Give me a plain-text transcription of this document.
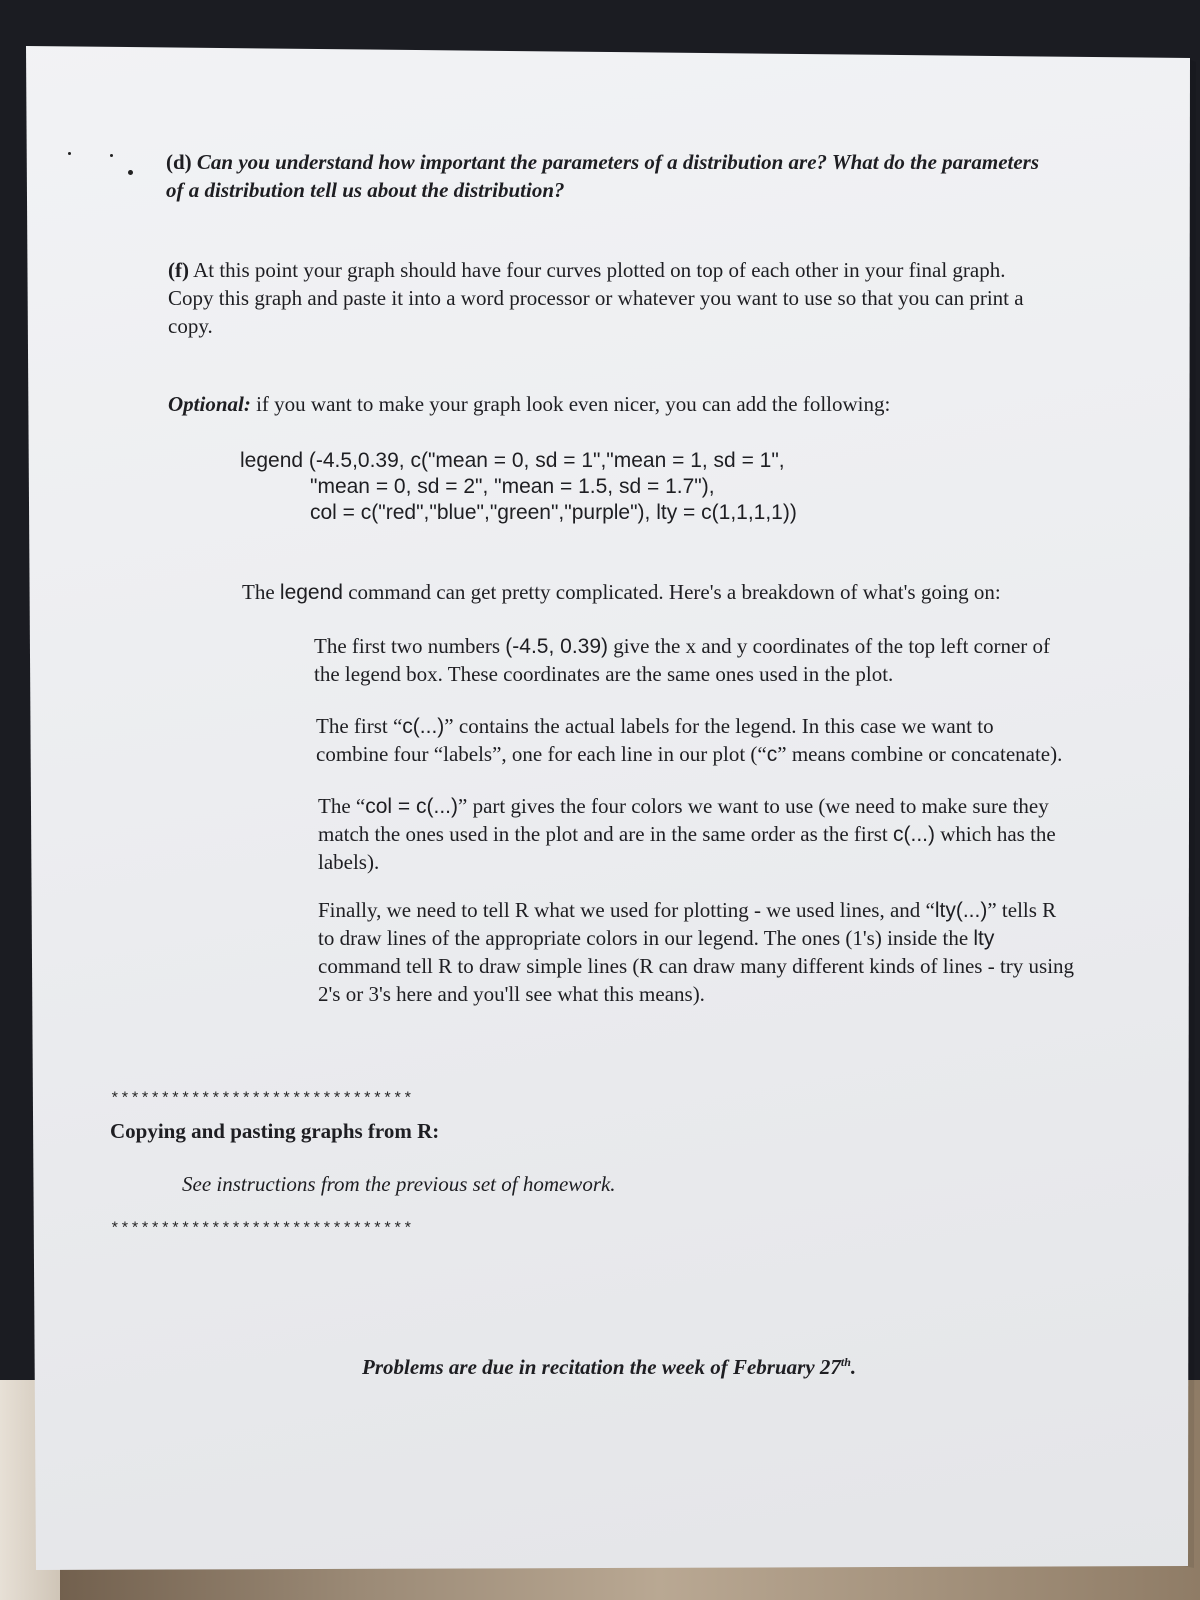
(d) Can you understand how important the parameters of a distribution are? What do the parameters
of a distribution tell us about the distribution?
(f) At this point your graph should have four curves plotted on top of each other in your final graph.
Copy this graph and paste it into a word processor or whatever you want to use so that you can print a
copy.
Optional: if you want to make your graph look even nicer, you can add the following:
legend (-4.5,0.39, c("mean = 0, sd = 1","mean = 1, sd = 1",
"mean = 0, sd = 2", "mean = 1.5, sd = 1.7"),
col = c("red","blue","green","purple"), lty = c(1,1,1,1))
The legend command can get pretty complicated. Here's a breakdown of what's going on:
The first two numbers (-4.5, 0.39) give the x and y coordinates of the top left corner of
the legend box. These coordinates are the same ones used in the plot.
The first “c(...)” contains the actual labels for the legend. In this case we want to
combine four “labels”, one for each line in our plot (“c” means combine or concatenate).
The “col = c(...)” part gives the four colors we want to use (we need to make sure they
match the ones used in the plot and are in the same order as the first c(...) which has the
labels).
Finally, we need to tell R what we used for plotting - we used lines, and “lty(...)” tells R
to draw lines of the appropriate colors in our legend. The ones (1's) inside the lty
command tell R to draw simple lines (R can draw many different kinds of lines - try using
2's or 3's here and you'll see what this means).
******************************
Copying and pasting graphs from R:
See instructions from the previous set of homework.
******************************
Problems are due in recitation the week of February 27th.
